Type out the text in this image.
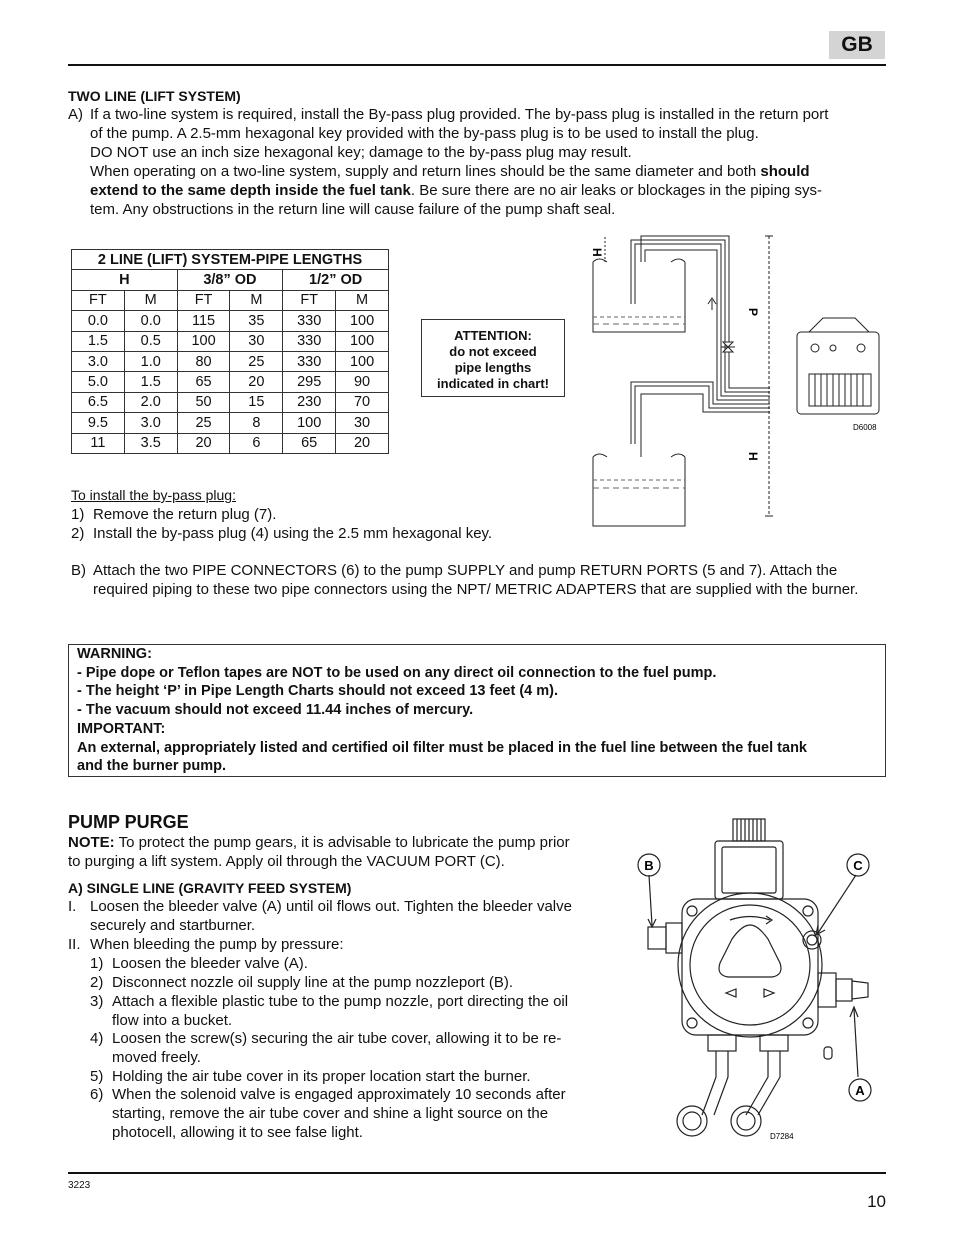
GB
TWO LINE (LIFT SYSTEM)
A) If a two-line system is required, install the By-pass plug provided. The by-pass plug is installed in the return port
of the pump. A 2.5-mm hexagonal key provided with the by-pass plug is to be used to install the plug.
DO NOT use an inch size hexagonal key; damage to the by-pass plug may result.
When operating on a two-line system, supply and return lines should be the same diameter and both should
extend to the same depth inside the fuel tank. Be sure there are no air leaks or blockages in the piping sys-
tem. Any obstructions in the return line will cause failure of the pump shaft seal.
2 LINE (LIFT) SYSTEM-PIPE LENGTHS					
H		3/8” OD		1/2” OD	
FT	M	FT	M	FT	M
0.0	0.0	115	35	330	100
1.5	0.5	100	30	330	100
3.0	1.0	80	25	330	100
5.0	1.5	65	20	295	90
6.5	2.0	50	15	230	70
9.5	3.0	25	8	100	30
11	3.5	20	6	65	20
ATTENTION:
do not exceed
pipe lengths
indicated in chart!
H
P
H
D6008
To install the by-pass plug:
1) Remove the return plug (7).
2) Install the by-pass plug (4) using the 2.5 mm hexagonal key.
B) Attach the two PIPE CONNECTORS (6) to the pump SUPPLY and pump RETURN PORTS (5 and 7). Attach the
required piping to these two pipe connectors using the NPT/ METRIC ADAPTERS that are supplied with the burner.
WARNING:
- Pipe dope or Teflon tapes are NOT to be used on any direct oil connection to the fuel pump.
- The height ‘P’ in Pipe Length Charts should not exceed 13 feet (4 m).
- The vacuum should not exceed 11.44 inches of mercury.
IMPORTANT:
An external, appropriately listed and certified oil filter must be placed in the fuel line between the fuel tank
and the burner pump.
PUMP PURGE
NOTE: To protect the pump gears, it is advisable to lubricate the pump prior
to purging a lift system. Apply oil through the VACUUM PORT (C).
A) SINGLE LINE (GRAVITY FEED SYSTEM)
I. Loosen the bleeder valve (A) until oil flows out. Tighten the bleeder valve
securely and startburner.
II. When bleeding the pump by pressure:
1) Loosen the bleeder valve (A).
2) Disconnect nozzle oil supply line at the pump nozzleport (B).
3) Attach a flexible plastic tube to the pump nozzle, port directing the oil
flow into a bucket.
4) Loosen the screw(s) securing the air tube cover, allowing it to be re-
moved freely.
5) Holding the air tube cover in its proper location start the burner.
6) When the solenoid valve is engaged approximately 10 seconds after
starting, remove the air tube cover and shine a light source on the
photocell, allowing it to see false light.
B	C
A
D7284
3223
10
